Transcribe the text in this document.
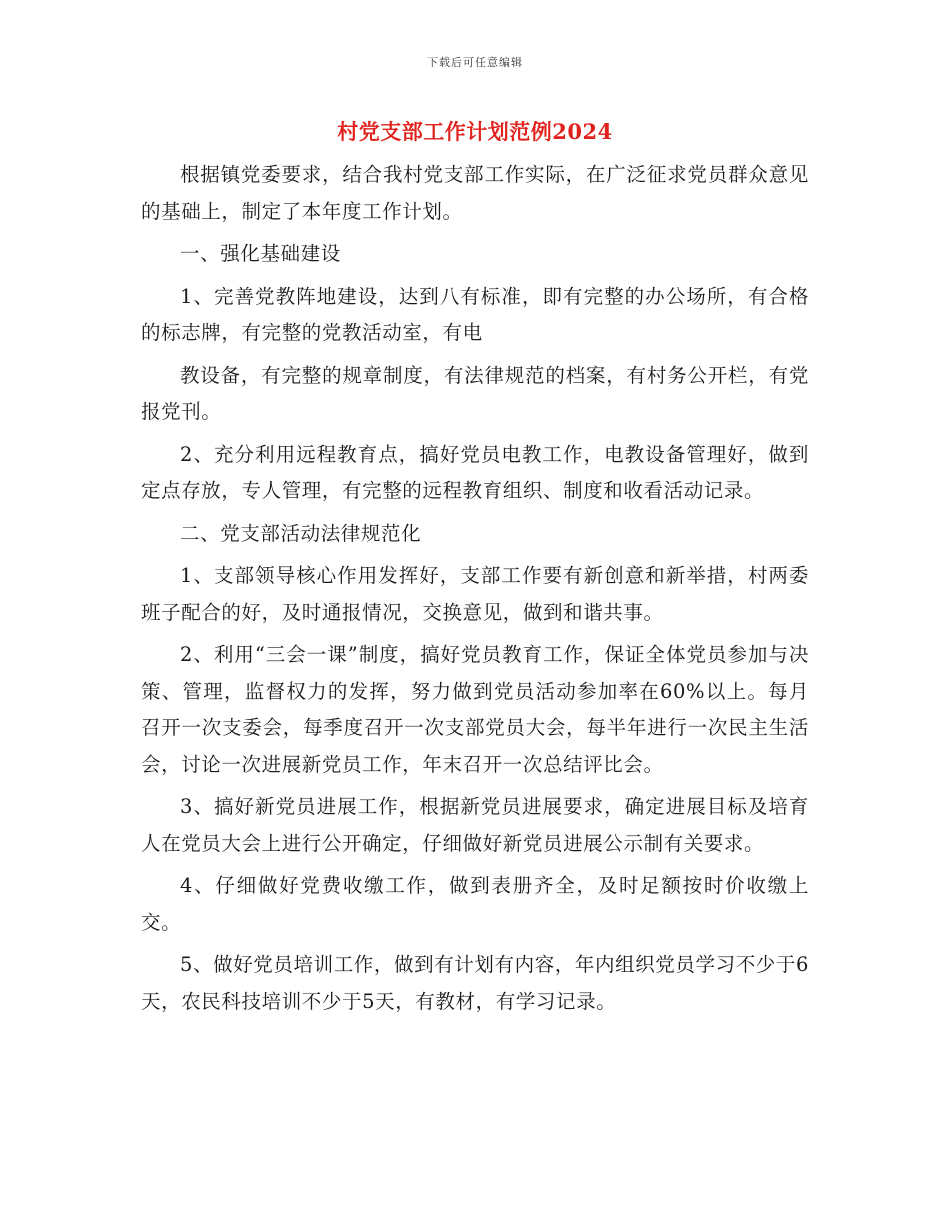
下载后可任意编辑
村党支部工作计划范例2024

根据镇党委要求，结合我村党支部工作实际，在广泛征求党员群众意见的基础上，制定了本年度工作计划。

一、强化基础建设

1、完善党教阵地建设，达到八有标准，即有完整的办公场所，有合格的标志牌，有完整的党教活动室，有电

教设备，有完整的规章制度，有法律规范的档案，有村务公开栏，有党报党刊。

2、充分利用远程教育点，搞好党员电教工作，电教设备管理好，做到定点存放，专人管理，有完整的远程教育组织、制度和收看活动记录。

二、党支部活动法律规范化

1、支部领导核心作用发挥好，支部工作要有新创意和新举措，村两委班子配合的好，及时通报情况，交换意见，做到和谐共事。

2、利用“三会一课”制度，搞好党员教育工作，保证全体党员参加与决策、管理，监督权力的发挥，努力做到党员活动参加率在60%以上。每月召开一次支委会，每季度召开一次支部党员大会，每半年进行一次民主生活会，讨论一次进展新党员工作，年末召开一次总结评比会。

3、搞好新党员进展工作，根据新党员进展要求，确定进展目标及培育人在党员大会上进行公开确定，仔细做好新党员进展公示制有关要求。

4、仔细做好党费收缴工作，做到表册齐全，及时足额按时价收缴上交。

5、做好党员培训工作，做到有计划有内容，年内组织党员学习不少于6天，农民科技培训不少于5天，有教材，有学习记录。
